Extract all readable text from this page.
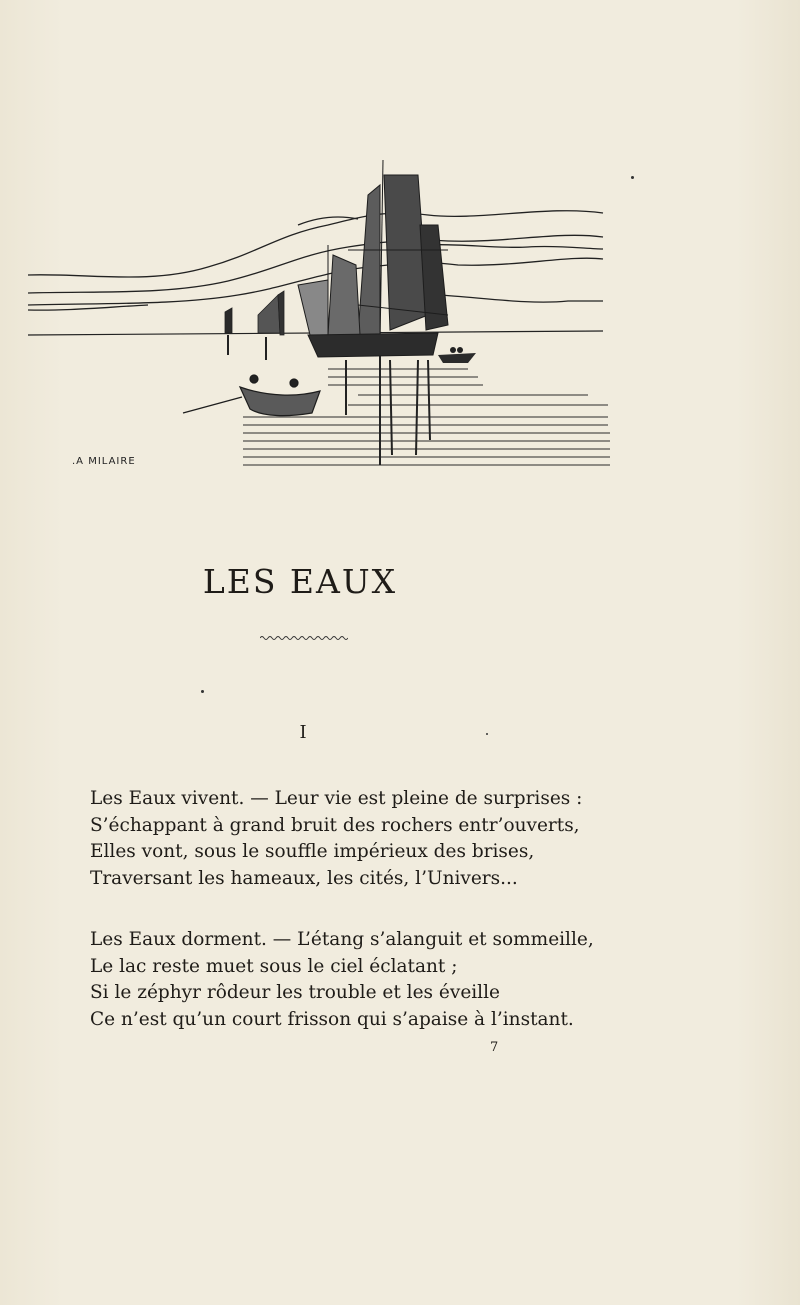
.A MILAIRE
LES EAUX
I
Les Eaux vivent. — Leur vie est pleine de surprises :
S’échappant à grand bruit des rochers entr’ouverts,
Elles vont, sous le souffle impérieux des brises,
Traversant les hameaux, les cités, l’Univers...
Les Eaux dorment. — L’étang s’alanguit et sommeille,
Le lac reste muet sous le ciel éclatant ;
Si le zéphyr rôdeur les trouble et les éveille
Ce n’est qu’un court frisson qui s’apaise à l’instant.
7
